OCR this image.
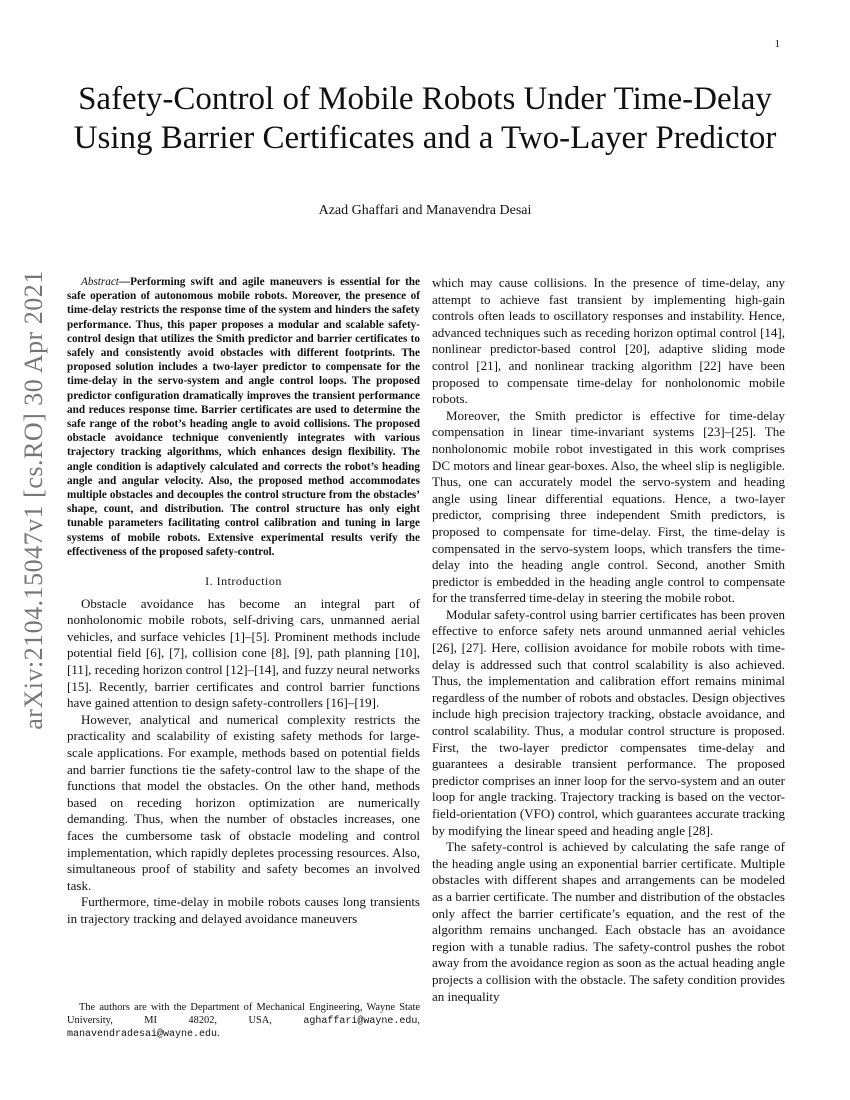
1
arXiv:2104.15047v1 [cs.RO] 30 Apr 2021
Safety-Control of Mobile Robots Under Time-Delay Using Barrier Certificates and a Two-Layer Predictor
Azad Ghaffari and Manavendra Desai

Abstract—Performing swift and agile maneuvers is essential for the safe operation of autonomous mobile robots. Moreover, the presence of time-delay restricts the response time of the system and hinders the safety performance. Thus, this paper proposes a modular and scalable safety-control design that utilizes the Smith predictor and barrier certificates to safely and consistently avoid obstacles with different footprints. The proposed solution includes a two-layer predictor to compensate for the time-delay in the servo-system and angle control loops. The proposed predictor configuration dramatically improves the transient performance and reduces response time. Barrier certificates are used to determine the safe range of the robot’s heading angle to avoid collisions. The proposed obstacle avoidance technique conveniently integrates with various trajectory tracking algorithms, which enhances design flexibility. The angle condition is adaptively calculated and corrects the robot’s heading angle and angular velocity. Also, the proposed method accommodates multiple obstacles and decouples the control structure from the obstacles’ shape, count, and distribution. The control structure has only eight tunable parameters facilitating control calibration and tuning in large systems of mobile robots. Extensive experimental results verify the effectiveness of the proposed safety-control.

I. Introduction

Obstacle avoidance has become an integral part of nonholonomic mobile robots, self-driving cars, unmanned aerial vehicles, and surface vehicles [1]–[5]. Prominent methods include potential field [6], [7], collision cone [8], [9], path planning [10], [11], receding horizon control [12]–[14], and fuzzy neural networks [15]. Recently, barrier certificates and control barrier functions have gained attention to design safety-controllers [16]–[19].

However, analytical and numerical complexity restricts the practicality and scalability of existing safety methods for large-scale applications. For example, methods based on potential fields and barrier functions tie the safety-control law to the shape of the functions that model the obstacles. On the other hand, methods based on receding horizon optimization are numerically demanding. Thus, when the number of obstacles increases, one faces the cumbersome task of obstacle modeling and control implementation, which rapidly depletes processing resources. Also, simultaneous proof of stability and safety becomes an involved task.

Furthermore, time-delay in mobile robots causes long transients in trajectory tracking and delayed avoidance maneuvers

The authors are with the Department of Mechanical Engineering, Wayne State University, MI 48202, USA,	aghaffari@wayne.edu, manavendradesai@wayne.edu.

which may cause collisions. In the presence of time-delay, any attempt to achieve fast transient by implementing high-gain controls often leads to oscillatory responses and instability. Hence, advanced techniques such as receding horizon optimal control [14], nonlinear predictor-based control [20], adaptive sliding mode control [21], and nonlinear tracking algorithm [22] have been proposed to compensate time-delay for nonholonomic mobile robots.

Moreover, the Smith predictor is effective for time-delay compensation in linear time-invariant systems [23]–[25]. The nonholonomic mobile robot investigated in this work comprises DC motors and linear gear-boxes. Also, the wheel slip is negligible. Thus, one can accurately model the servo-system and heading angle using linear differential equations. Hence, a two-layer predictor, comprising three independent Smith predictors, is proposed to compensate for time-delay. First, the time-delay is compensated in the servo-system loops, which transfers the time-delay into the heading angle control. Second, another Smith predictor is embedded in the heading angle control to compensate for the transferred time-delay in steering the mobile robot.

Modular safety-control using barrier certificates has been proven effective to enforce safety nets around unmanned aerial vehicles [26], [27]. Here, collision avoidance for mobile robots with time-delay is addressed such that control scalability is also achieved. Thus, the implementation and calibration effort remains minimal regardless of the number of robots and obstacles. Design objectives include high precision trajectory tracking, obstacle avoidance, and control scalability. Thus, a modular control structure is proposed. First, the two-layer predictor compensates time-delay and guarantees a desirable transient performance. The proposed predictor comprises an inner loop for the servo-system and an outer loop for angle tracking. Trajectory tracking is based on the vector-field-orientation (VFO) control, which guarantees accurate tracking by modifying the linear speed and heading angle [28].

The safety-control is achieved by calculating the safe range of the heading angle using an exponential barrier certificate. Multiple obstacles with different shapes and arrangements can be modeled as a barrier certificate. The number and distribution of the obstacles only affect the barrier certificate’s equation, and the rest of the algorithm remains unchanged. Each obstacle has an avoidance region with a tunable radius. The safety-control pushes the robot away from the avoidance region as soon as the actual heading angle projects a collision with the obstacle. The safety condition provides an inequality
